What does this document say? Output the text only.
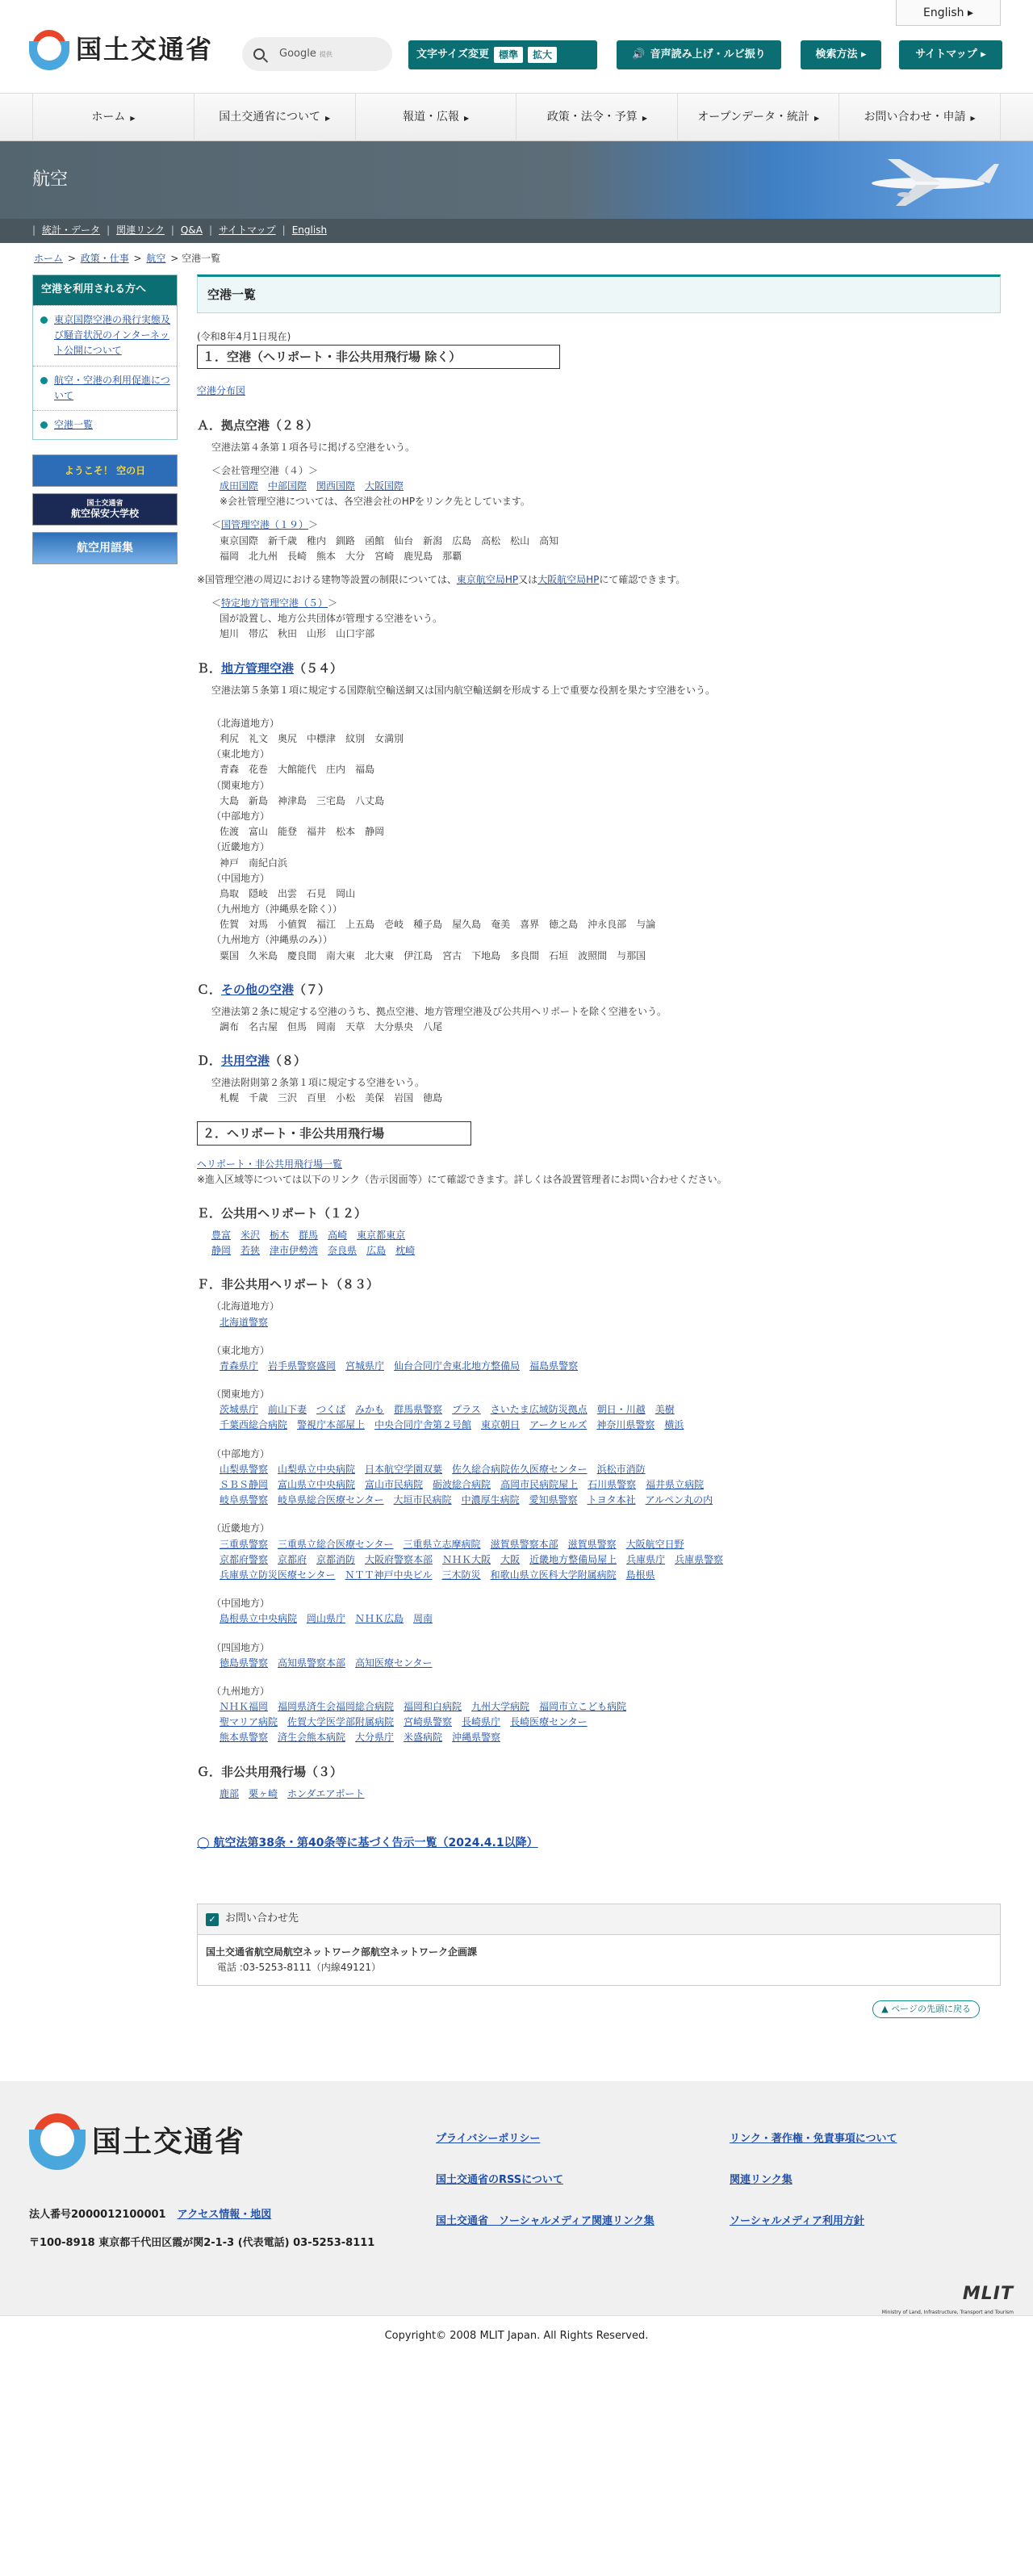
English ▸
国土交通省	Google 提供	文字サイズ変更	標準	拡大	🔊 音声読み上げ・ルビ振り	検索方法 ▸	サイトマップ ▸
ホーム ▶	国土交通省について ▶	報道・広報 ▶	政策・法令・予算 ▶	オープンデータ・統計 ▶	お問い合わせ・申請 ▶
航空
| 統計・データ | 関連リンク | Q&A | サイトマップ | English
ホーム > 政策・仕事 > 航空 > 空港一覧
空港を利用される方へ
東京国際空港の飛行実態及び騒音状況のインターネット公開について
航空・空港の利用促進について
空港一覧
ようこそ！ 空の日
国土交通省
航空保安大学校
航空用語集
空港一覧
(令和8年4月1日現在)
１．空港（ヘリポート・非公共用飛行場 除く）
空港分布図
Ａ．拠点空港（２８）
空港法第４条第１項各号に掲げる空港をいう。
＜会社管理空港（４）＞
成田国際 中部国際 関西国際 大阪国際
※会社管理空港については、各空港会社のHPをリンク先としています。
＜国管理空港（１９）＞
東京国際 新千歳 稚内 釧路 函館 仙台 新潟 広島 高松 松山 高知
福岡 北九州 長崎 熊本 大分 宮崎 鹿児島 那覇
※国管理空港の周辺における建物等設置の制限については、東京航空局HP又は大阪航空局HPにて確認できます。
＜特定地方管理空港（５）＞
国が設置し、地方公共団体が管理する空港をいう。
旭川 帯広 秋田 山形 山口宇部
Ｂ．地方管理空港（５４）
空港法第５条第１項に規定する国際航空輸送網又は国内航空輸送網を形成する上で重要な役割を果たす空港をいう。
（北海道地方）
利尻 礼文 奥尻 中標津 紋別 女満別
（東北地方）
青森 花巻 大館能代 庄内 福島
（関東地方）
大島 新島 神津島 三宅島 八丈島
（中部地方）
佐渡 富山 能登 福井 松本 静岡
（近畿地方）
神戸 南紀白浜
（中国地方）
鳥取 隠岐 出雲 石見 岡山
（九州地方（沖縄県を除く））
佐賀 対馬 小値賀 福江 上五島 壱岐 種子島 屋久島 奄美 喜界 徳之島 沖永良部 与論
（九州地方（沖縄県のみ））
粟国 久米島 慶良間 南大東 北大東 伊江島 宮古 下地島 多良間 石垣 波照間 与那国
Ｃ．その他の空港（７）
空港法第２条に規定する空港のうち、拠点空港、地方管理空港及び公共用ヘリポートを除く空港をいう。
調布 名古屋 但馬 岡南 天草 大分県央 八尾
Ｄ．共用空港（８）
空港法附則第２条第１項に規定する空港をいう。
札幌 千歳 三沢 百里 小松 美保 岩国 徳島
２．ヘリポート・非公共用飛行場
ヘリポート・非公共用飛行場一覧
※進入区域等については以下のリンク（告示図面等）にて確認できます。詳しくは各設置管理者にお問い合わせください。
Ｅ．公共用ヘリポート（１２）
豊富 米沢 栃木 群馬 高崎 東京都東京
静岡 若狭 津市伊勢湾 奈良県 広島 枕崎
Ｆ．非公共用ヘリポート（８３）
（北海道地方）
北海道警察
（東北地方）
青森県庁 岩手県警察盛岡 宮城県庁 仙台合同庁舎東北地方整備局 福島県警察
（関東地方）
茨城県庁 前山下妻 つくば みかも 群馬県警察 プラス さいたま広域防災拠点 朝日・川越 美樹
千葉西総合病院 警視庁本部屋上 中央合同庁舎第２号館 東京朝日 アークヒルズ 神奈川県警察 横浜
（中部地方）
山梨県警察 山梨県立中央病院 日本航空学園双葉 佐久総合病院佐久医療センター 浜松市消防
ＳＢＳ静岡 富山県立中央病院 富山市民病院 砺波総合病院 高岡市民病院屋上 石川県警察 福井県立病院
岐阜県警察 岐阜県総合医療センター 大垣市民病院 中濃厚生病院 愛知県警察 トヨタ本社 アルペン丸の内
（近畿地方）
三重県警察 三重県立総合医療センター 三重県立志摩病院 滋賀県警察本部 滋賀県警察 大阪航空日野
京都府警察 京都府 京都消防 大阪府警察本部 ＮＨＫ大阪 大阪 近畿地方整備局屋上 兵庫県庁 兵庫県警察
兵庫県立防災医療センター ＮＴＴ神戸中央ビル 三木防災 和歌山県立医科大学附属病院 島根県
（中国地方）
島根県立中央病院 岡山県庁 ＮＨＫ広島 周南
（四国地方）
徳島県警察 高知県警察本部 高知医療センター
（九州地方）
ＮＨＫ福岡 福岡県済生会福岡総合病院 福岡和白病院 九州大学病院 福岡市立こども病院
聖マリア病院 佐賀大学医学部附属病院 宮崎県警察 長崎県庁 長崎医療センター
熊本県警察 済生会熊本病院 大分県庁 米盛病院 沖縄県警察
Ｇ．非公共用飛行場（３）
鹿部 栗ヶ崎 ホンダエアポート
◯ 航空法第38条・第40条等に基づく告示一覧（2024.4.1以降）
✓ お問い合わせ先
国土交通省航空局航空ネットワーク部航空ネットワーク企画課
電話 :03-5253-8111（内線49121）
▲ ページの先頭に戻る
国土交通省
法人番号2000012100001 アクセス情報・地図
〒100-8918 東京都千代田区霞が関2-1-3 (代表電話) 03-5253-8111
プライバシーポリシー	リンク・著作権・免責事項について
国土交通省のRSSについて	関連リンク集
国土交通省　ソーシャルメディア関連リンク集	ソーシャルメディア利用方針
MLIT
Ministry of Land, Infrastructure, Transport and Tourism
Copyright© 2008 MLIT Japan. All Rights Reserved.
